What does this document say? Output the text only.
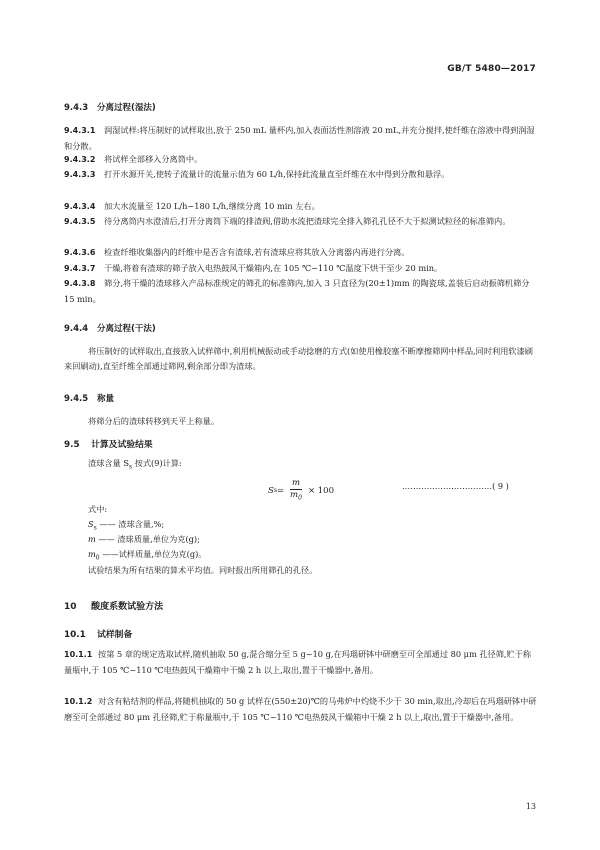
GB/T 5480—2017
9.4.3 分离过程(湿法)
9.4.3.1 润湿试样:将压制好的试样取出,放于 250 mL 量杯内,加入表面活性剂溶液 20 mL,并充分搅拌,使纤维在溶液中得到润湿和分散。
9.4.3.2 将试样全部移入分离筒中。
9.4.3.3 打开水源开关,使转子流量计的流量示值为 60 L/h,保持此流量直至纤维在水中得到分散和悬浮。
9.4.3.4 加大水流量至 120 L/h~180 L/h,继续分离 10 min 左右。
9.4.3.5 待分离筒内水澄清后,打开分离筒下端的排渣阀,借助水流把渣球完全排入筛孔孔径不大于拟测试粒径的标准筛内。
9.4.3.6 检查纤维收集器内的纤维中是否含有渣球,若有渣球应将其放入分离器内再进行分离。
9.4.3.7 干燥,将着有渣球的筛子放入电热鼓风干燥箱内,在 105 ℃~110 ℃温度下烘干至少 20 min。
9.4.3.8 筛分,将干燥的渣球移入产品标准规定的筛孔的标准筛内,加入 3 只直径为(20±1)mm 的陶瓷球,盖装后启动振筛机筛分 15 min。
9.4.4 分离过程(干法)
将压制好的试样取出,直接放入试样筛中,利用机械振动或手动捻磨的方式(如使用橡胶塞不断摩擦筛网中样品,同时利用软漆刷来回刷动),直至纤维全部通过筛网,剩余部分即为渣球。
9.4.5 称量
将筛分后的渣球转移到天平上称量。
9.5 计算及试验结果
渣球含量 $S_s$ 按式(9)计算:
S $s = \frac{m}{m_0} \times 100$	……………………………( 9 )
式中:
$S_s$ —— 渣球含量,%;
m —— 渣球质量,单位为克(g);
$m_0$ ——试样质量,单位为克(g)。
试验结果为所有结果的算术平均值。同时报出所用筛孔的孔径。
10 酸度系数试验方法
10.1 试样制备
10.1.1 按第 5 章的规定选取试样,随机抽取 50 g,混合缩分至 5 g~10 g,在玛瑙研钵中研磨至可全部通过 80 μm 孔径筛,贮于称量瓶中,于 105 ℃~110 ℃电热鼓风干燥箱中干燥 2 h 以上,取出,置于干燥器中,备用。
10.1.2 对含有粘结剂的样品,将随机抽取的 50 g 试样在(550±20)℃的马弗炉中灼烧不少于 30 min,取出,冷却后在玛瑙研钵中研磨至可全部通过 80 μm 孔径筛,贮于称量瓶中,于 105 ℃~110 ℃电热鼓风干燥箱中干燥 2 h 以上,取出,置于干燥器中,备用。
13
